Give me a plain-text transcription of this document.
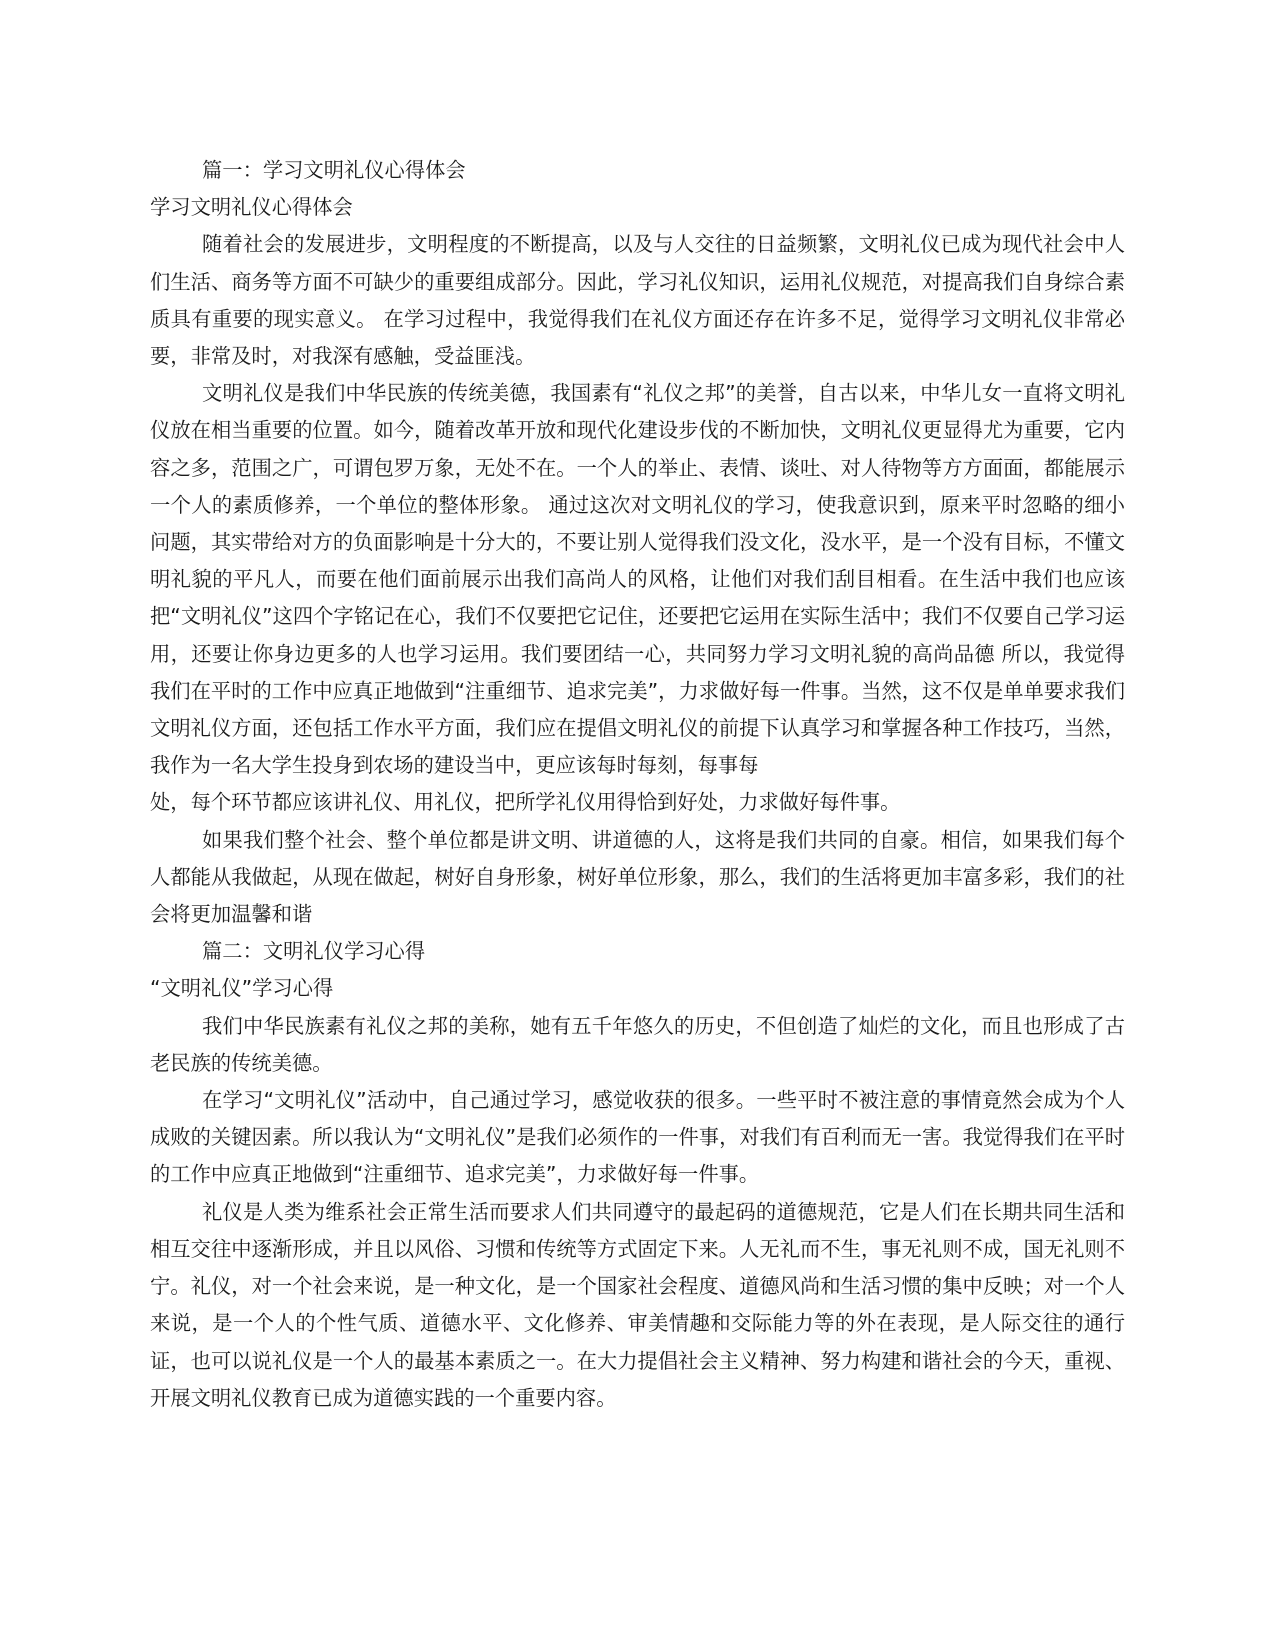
篇一：学习文明礼仪心得体会

学习文明礼仪心得体会

随着社会的发展进步，文明程度的不断提高，以及与人交往的日益频繁，文明礼仪已成为现代社会中人们生活、商务等方面不可缺少的重要组成部分。因此，学习礼仪知识，运用礼仪规范，对提高我们自身综合素质具有重要的现实意义。 在学习过程中，我觉得我们在礼仪方面还存在许多不足，觉得学习文明礼仪非常必要，非常及时，对我深有感触，受益匪浅。

文明礼仪是我们中华民族的传统美德，我国素有“礼仪之邦”的美誉，自古以来，中华儿女一直将文明礼仪放在相当重要的位置。如今，随着改革开放和现代化建设步伐的不断加快，文明礼仪更显得尤为重要，它内容之多，范围之广，可谓包罗万象，无处不在。一个人的举止、表情、谈吐、对人待物等方方面面，都能展示一个人的素质修养，一个单位的整体形象。 通过这次对文明礼仪的学习，使我意识到，原来平时忽略的细小问题，其实带给对方的负面影响是十分大的，不要让别人觉得我们没文化，没水平，是一个没有目标，不懂文明礼貌的平凡人，而要在他们面前展示出我们高尚人的风格，让他们对我们刮目相看。在生活中我们也应该把“文明礼仪”这四个字铭记在心，我们不仅要把它记住，还要把它运用在实际生活中；我们不仅要自己学习运用，还要让你身边更多的人也学习运用。我们要团结一心，共同努力学习文明礼貌的高尚品德 所以，我觉得我们在平时的工作中应真正地做到“注重细节、追求完美”，力求做好每一件事。当然，这不仅是单单要求我们文明礼仪方面，还包括工作水平方面，我们应在提倡文明礼仪的前提下认真学习和掌握各种工作技巧，当然，我作为一名大学生投身到农场的建设当中，更应该每时每刻，每事每

处，每个环节都应该讲礼仪、用礼仪，把所学礼仪用得恰到好处，力求做好每件事。

如果我们整个社会、整个单位都是讲文明、讲道德的人，这将是我们共同的自豪。相信，如果我们每个人都能从我做起，从现在做起，树好自身形象，树好单位形象，那么，我们的生活将更加丰富多彩，我们的社会将更加温馨和谐

篇二：文明礼仪学习心得

“文明礼仪”学习心得

我们中华民族素有礼仪之邦的美称，她有五千年悠久的历史，不但创造了灿烂的文化，而且也形成了古老民族的传统美德。

在学习“文明礼仪”活动中，自己通过学习，感觉收获的很多。一些平时不被注意的事情竟然会成为个人成败的关键因素。所以我认为“文明礼仪”是我们必须作的一件事，对我们有百利而无一害。我觉得我们在平时的工作中应真正地做到“注重细节、追求完美”，力求做好每一件事。

礼仪是人类为维系社会正常生活而要求人们共同遵守的最起码的道德规范，它是人们在长期共同生活和相互交往中逐渐形成，并且以风俗、习惯和传统等方式固定下来。人无礼而不生，事无礼则不成，国无礼则不宁。礼仪，对一个社会来说，是一种文化，是一个国家社会程度、道德风尚和生活习惯的集中反映；对一个人来说，是一个人的个性气质、道德水平、文化修养、审美情趣和交际能力等的外在表现，是人际交往的通行证，也可以说礼仪是一个人的最基本素质之一。在大力提倡社会主义精神、努力构建和谐社会的今天，重视、开展文明礼仪教育已成为道德实践的一个重要内容。
